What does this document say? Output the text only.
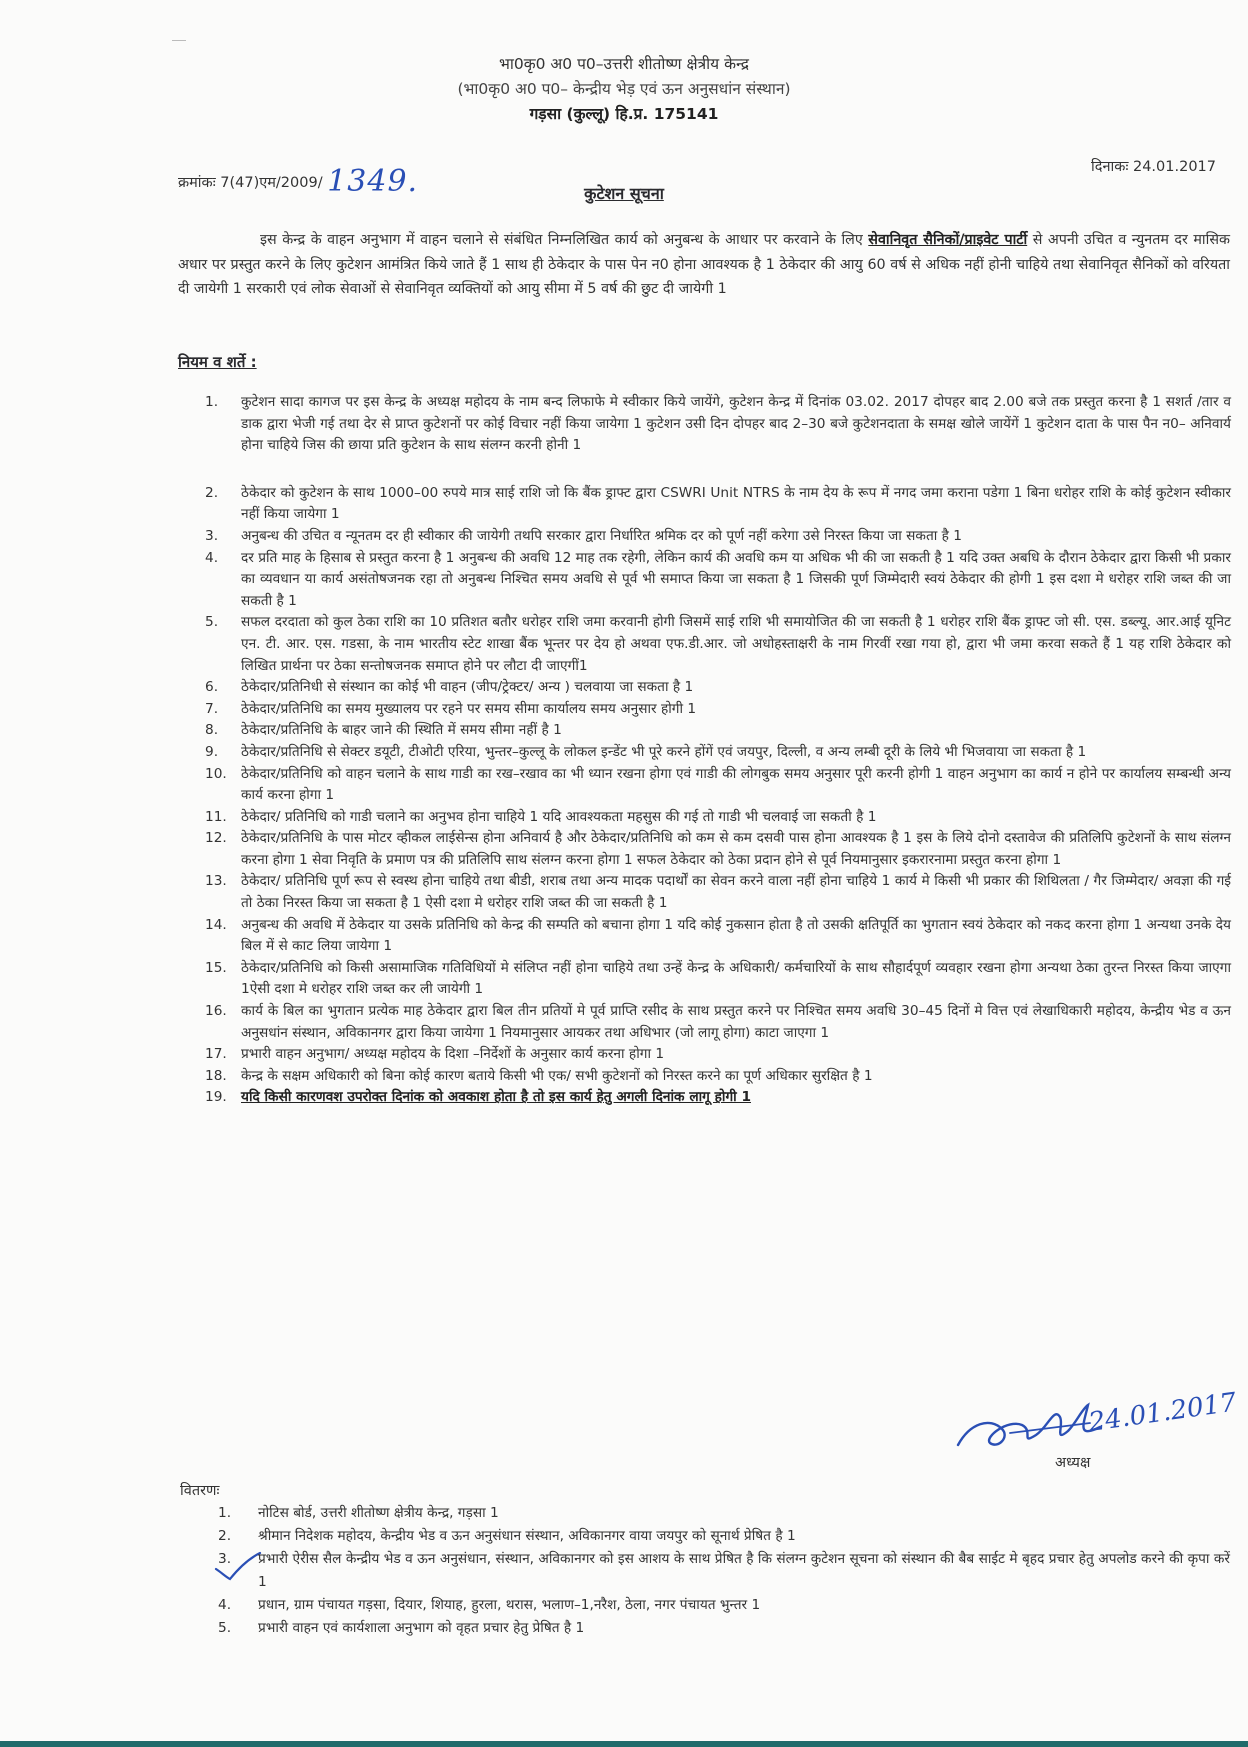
भा0कृ0 अ0 प0–उत्तरी शीतोष्ण क्षेत्रीय केन्द्र
(भा0कृ0 अ0 प0– केन्द्रीय भेड़ एवं ऊन अनुसधांन संस्थान)
गड़सा (कुल्लू) हि.प्र. 175141
क्रमांकः 7(47)एम/2009/ 1349.	दिनाकः 24.01.2017
कुटेशन सूचना
इस केन्द्र के वाहन अनुभाग में वाहन चलाने से संबंधित निम्नलिखित कार्य को अनुबन्ध के आधार पर करवाने के लिए सेवानिवृत सैनिकों/प्राइवेट पार्टी से अपनी उचित व न्युनतम दर मासिक अधार पर प्रस्तुत करने के लिए कुटेशन आमंत्रित किये जाते हैं 1 साथ ही ठेकेदार के पास पेन न0 होना आवश्यक है 1 ठेकेदार की आयु 60 वर्ष से अधिक नहीं होनी चाहिये तथा सेवानिवृत सैनिकों को वरियता दी जायेगी 1 सरकारी एवं लोक सेवाओं से सेवानिवृत व्यक्तियों को आयु सीमा में 5 वर्ष की छुट दी जायेगी 1
नियम व शर्ते :
1.	कुटेशन सादा कागज पर इस केन्द्र के अध्यक्ष महोदय के नाम बन्द लिफाफे मे स्वीकार किये जायेंगे, कुटेशन केन्द्र में दिनांक 03.02. 2017 दोपहर बाद 2.00 बजे तक प्रस्तुत करना है 1 सशर्त /तार व डाक द्वारा भेजी गई तथा देर से प्राप्त कुटेशनों पर कोई विचार नहीं किया जायेगा 1 कुटेशन उसी दिन दोपहर बाद 2–30 बजे कुटेशनदाता के समक्ष खोले जायेंगें 1 कुटेशन दाता के पास पैन न0– अनिवार्य होना चाहिये जिस की छाया प्रति कुटेशन के साथ संलग्न करनी होनी 1
2.	ठेकेदार को कुटेशन के साथ 1000–00 रुपये मात्र साई राशि जो कि बैंक ड्राफ्ट द्वारा CSWRI Unit NTRS के नाम देय के रूप में नगद जमा कराना पडेगा 1 बिना धरोहर राशि के कोई कुटेशन स्वीकार नहीं किया जायेगा 1
3.	अनुबन्ध की उचित व न्यूनतम दर ही स्वीकार की जायेगी तथपि सरकार द्वारा निर्धारित श्रमिक दर को पूर्ण नहीं करेगा उसे निरस्त किया जा सकता है 1
4.	दर प्रति माह के हिसाब से प्रस्तुत करना है 1 अनुबन्ध की अवधि 12 माह तक रहेगी, लेकिन कार्य की अवधि कम या अधिक भी की जा सकती है 1 यदि उक्त अबधि के दौरान ठेकेदार द्वारा किसी भी प्रकार का व्यवधान या कार्य असंतोषजनक रहा तो अनुबन्ध निश्चित समय अवधि से पूर्व भी समाप्त किया जा सकता है 1 जिसकी पूर्ण जिम्मेदारी स्वयं ठेकेदार की होगी 1 इस दशा मे धरोहर राशि जब्त की जा सकती है 1
5.	सफल दरदाता को कुल ठेका राशि का 10 प्रतिशत बतौर धरोहर राशि जमा करवानी होगी जिसमें साई राशि भी समायोजित की जा सकती है 1 धरोहर राशि बैंक ड्राफ्ट जो सी. एस. डब्ल्यू. आर.आई यूनिट एन. टी. आर. एस. गडसा, के नाम भारतीय स्टेट शाखा बैंक भून्तर पर देय हो अथवा एफ.डी.आर. जो अधोहस्ताक्षरी के नाम गिरवीं रखा गया हो, द्वारा भी जमा करवा सकते हैं 1 यह राशि ठेकेदार को लिखित प्रार्थना पर ठेका सन्तोषजनक समाप्त होने पर लौटा दी जाएगीं1
6.	ठेकेदार/प्रतिनिधी से संस्थान का कोई भी वाहन (जीप/ट्रेक्टर/ अन्य ) चलवाया जा सकता है 1
7.	ठेकेदार/प्रतिनिधि का समय मुख्यालय पर रहने पर समय सीमा कार्यालय समय अनुसार होगी 1
8.	ठेकेदार/प्रतिनिधि के बाहर जाने की स्थिति में समय सीमा नहीं है 1
9.	ठेकेदार/प्रतिनिधि से सेक्टर डयूटी, टीओटी एरिया, भुन्तर–कुल्लू के लोकल इन्डेंट भी पूरे करने होंगें एवं जयपुर, दिल्ली, व अन्य लम्बी दूरी के लिये भी भिजवाया जा सकता है 1
10.	ठेकेदार/प्रतिनिधि को वाहन चलाने के साथ गाडी का रख–रखाव का भी ध्यान रखना होगा एवं गाडी की लोगबुक समय अनुसार पूरी करनी होगी 1 वाहन अनुभाग का कार्य न होने पर कार्यालय सम्बन्धी अन्य कार्य करना होगा 1
11.	ठेकेदार/ प्रतिनिधि को गाडी चलाने का अनुभव होना चाहिये 1 यदि आवश्यकता महसुस की गई तो गाडी भी चलवाई जा सकती है 1
12.	ठेकेदार/प्रतिनिधि के पास मोटर व्हीकल लाईसेन्स होना अनिवार्य है और ठेकेदार/प्रतिनिधि को कम से कम दसवी पास होना आवश्यक है 1 इस के लिये दोनो दस्तावेज की प्रतिलिपि कुटेशनों के साथ संलग्न करना होगा 1 सेवा निवृति के प्रमाण पत्र की प्रतिलिपि साथ संलग्न करना होगा 1 सफल ठेकेदार को ठेका प्रदान होने से पूर्व नियमानुसार इकरारनामा प्रस्तुत करना होगा 1
13.	ठेकेदार/ प्रतिनिधि पूर्ण रूप से स्वस्थ होना चाहिये तथा बीडी, शराब तथा अन्य मादक पदार्थों का सेवन करने वाला नहीं होना चाहिये 1 कार्य मे किसी भी प्रकार की शिथिलता / गैर जिम्मेदार/ अवज्ञा की गई तो ठेका निरस्त किया जा सकता है 1 ऐसी दशा मे धरोहर राशि जब्त की जा सकती है 1
14.	अनुबन्ध की अवधि में ठेकेदार या उसके प्रतिनिधि को केन्द्र की सम्पति को बचाना होगा 1 यदि कोई नुकसान होता है तो उसकी क्षतिपूर्ति का भुगतान स्वयं ठेकेदार को नकद करना होगा 1 अन्यथा उनके देय बिल में से काट लिया जायेगा 1
15.	ठेकेदार/प्रतिनिधि को किसी असामाजिक गतिविधियों मे संलिप्त नहीं होना चाहिये तथा उन्हें केन्द्र के अधिकारी/ कर्मचारियों के साथ सौहार्दपूर्ण व्यवहार रखना होगा अन्यथा ठेका तुरन्त निरस्त किया जाएगा 1ऐसी दशा मे धरोहर राशि जब्त कर ली जायेगी 1
16.	कार्य के बिल का भुगतान प्रत्येक माह ठेकेदार द्वारा बिल तीन प्रतियों मे पूर्व प्राप्ति रसीद के साथ प्रस्तुत करने पर निश्चित समय अवधि 30–45 दिनों मे वित्त एवं लेखाधिकारी महोदय, केन्द्रीय भेड व ऊन अनुसधांन संस्थान, अविकानगर द्वारा किया जायेगा 1 नियमानुसार आयकर तथा अधिभार (जो लागू होगा) काटा जाएगा 1
17.	प्रभारी वाहन अनुभाग/ अध्यक्ष महोदय के दिशा –निर्देशों के अनुसार कार्य करना होगा 1
18.	केन्द्र के सक्षम अधिकारी को बिना कोई कारण बताये किसी भी एक/ सभी कुटेशनों को निरस्त करने का पूर्ण अधिकार सुरक्षित है 1
19.	यदि किसी कारणवश उपरोक्त दिनांक को अवकाश होता है तो इस कार्य हेतु अगली दिनांक लागू होगी 1
24.01.2017
अध्यक्ष
वितरणः
1. नोटिस बोर्ड, उत्तरी शीतोष्ण क्षेत्रीय केन्द्र, गड़सा 1
2. श्रीमान निदेशक महोदय, केन्द्रीय भेड व ऊन अनुसंधान संस्थान, अविकानगर वाया जयपुर को सूनार्थ प्रेषित है 1
3. प्रभारी ऐरीस सैल केन्द्रीय भेड व ऊन अनुसंधान, संस्थान, अविकानगर को इस आशय के साथ प्रेषित है कि संलग्न कुटेशन सूचना को संस्थान की बैब साईट मे बृहद प्रचार हेतु अपलोड करने की कृपा करें 1
4. प्रधान, ग्राम पंचायत गड़सा, दियार, शियाह, हुरला, थरास, भलाण–1,नरैश, ठेला, नगर पंचायत भुन्तर 1
5. प्रभारी वाहन एवं कार्यशाला अनुभाग को वृहत प्रचार हेतु प्रेषित है 1
